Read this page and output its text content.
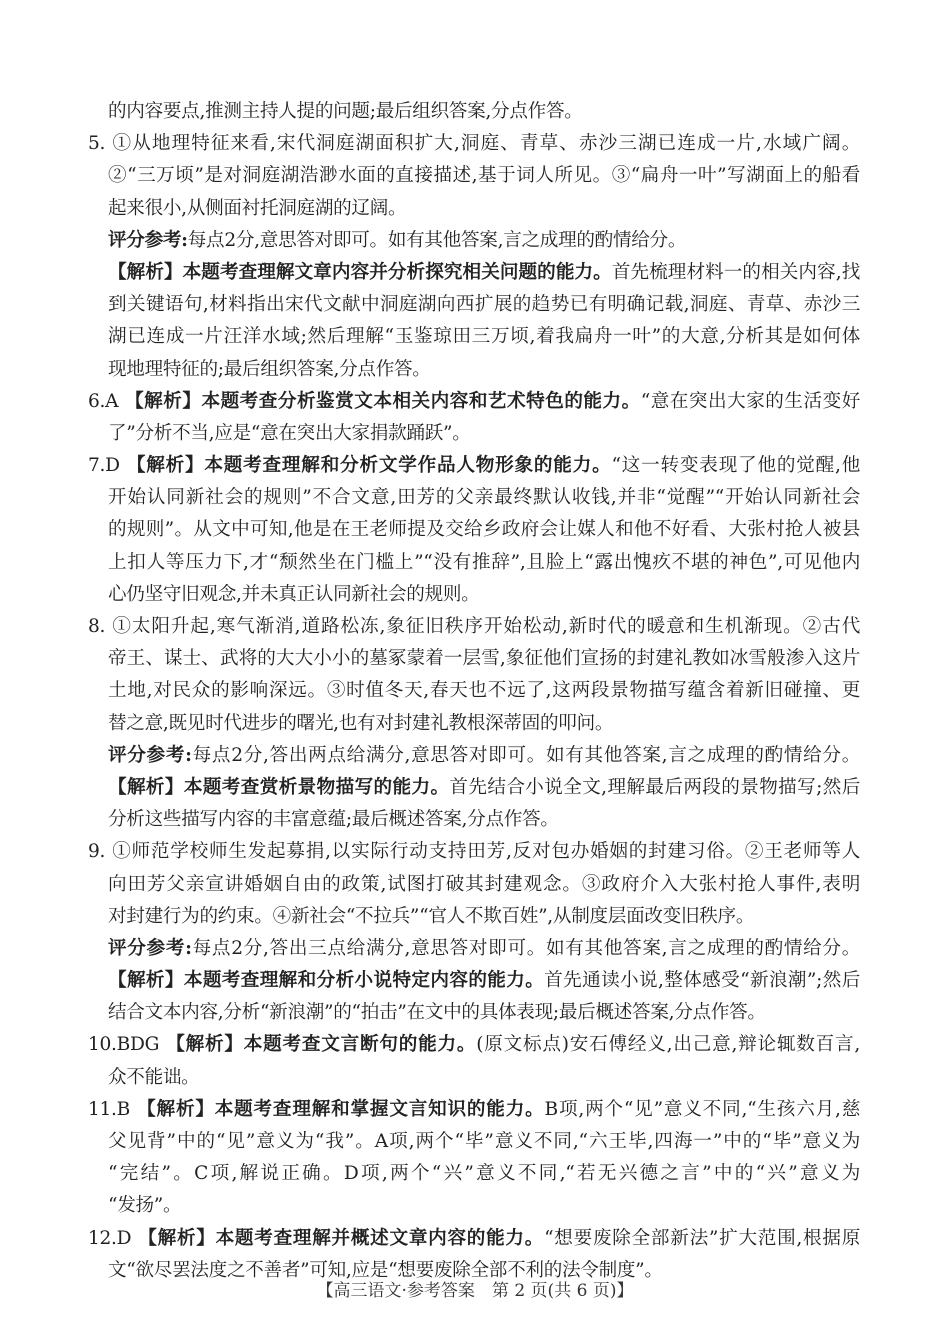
的内容要点,推测主持人提的问题;最后组织答案,分点作答。
5. ①从地理特征来看,宋代洞庭湖面积扩大,洞庭、青草、赤沙三湖已连成一片,水域广阔。
②“三万顷”是对洞庭湖浩渺水面的直接描述,基于词人所见。③“扁舟一叶”写湖面上的船看
起来很小,从侧面衬托洞庭湖的辽阔。
评分参考:每点2分,意思答对即可。如有其他答案,言之成理的酌情给分。
【解析】本题考查理解文章内容并分析探究相关问题的能力。首先梳理材料一的相关内容,找
到关键语句,材料指出宋代文献中洞庭湖向西扩展的趋势已有明确记载,洞庭、青草、赤沙三
湖已连成一片汪洋水域;然后理解“玉鉴琼田三万顷,着我扁舟一叶”的大意,分析其是如何体
现地理特征的;最后组织答案,分点作答。
6.A 【解析】本题考查分析鉴赏文本相关内容和艺术特色的能力。“意在突出大家的生活变好
了”分析不当,应是“意在突出大家捐款踊跃”。
7.D 【解析】本题考查理解和分析文学作品人物形象的能力。“这一转变表现了他的觉醒,他
开始认同新社会的规则”不合文意,田芳的父亲最终默认收钱,并非“觉醒”“开始认同新社会
的规则”。从文中可知,他是在王老师提及交给乡政府会让媒人和他不好看、大张村抢人被县
上扣人等压力下,才“颓然坐在门槛上”“没有推辞”,且脸上“露出愧疚不堪的神色”,可见他内
心仍坚守旧观念,并未真正认同新社会的规则。
8. ①太阳升起,寒气渐消,道路松冻,象征旧秩序开始松动,新时代的暖意和生机渐现。②古代
帝王、谋士、武将的大大小小的墓冢蒙着一层雪,象征他们宣扬的封建礼教如冰雪般渗入这片
土地,对民众的影响深远。③时值冬天,春天也不远了,这两段景物描写蕴含着新旧碰撞、更
替之意,既见时代进步的曙光,也有对封建礼教根深蒂固的叩问。
评分参考:每点2分,答出两点给满分,意思答对即可。如有其他答案,言之成理的酌情给分。
【解析】本题考查赏析景物描写的能力。首先结合小说全文,理解最后两段的景物描写;然后
分析这些描写内容的丰富意蕴;最后概述答案,分点作答。
9. ①师范学校师生发起募捐,以实际行动支持田芳,反对包办婚姻的封建习俗。②王老师等人
向田芳父亲宣讲婚姻自由的政策,试图打破其封建观念。③政府介入大张村抢人事件,表明
对封建行为的约束。④新社会“不拉兵”“官人不欺百姓”,从制度层面改变旧秩序。
评分参考:每点2分,答出三点给满分,意思答对即可。如有其他答案,言之成理的酌情给分。
【解析】本题考查理解和分析小说特定内容的能力。首先通读小说,整体感受“新浪潮”;然后
结合文本内容,分析“新浪潮”的“拍击”在文中的具体表现;最后概述答案,分点作答。
10.BDG 【解析】本题考查文言断句的能力。(原文标点)安石傅经义,出己意,辩论辄数百言,
众不能诎。
11.B 【解析】本题考查理解和掌握文言知识的能力。B项,两个“见”意义不同,“生孩六月,慈
父见背”中的“见”意义为“我”。A项,两个“毕”意义不同,“六王毕,四海一”中的“毕”意义为
“完结”。C项,解说正确。D项,两个“兴”意义不同,“若无兴德之言”中的“兴”意义为
“发扬”。
12.D 【解析】本题考查理解并概述文章内容的能力。“想要废除全部新法”扩大范围,根据原
文“欲尽罢法度之不善者”可知,应是“想要废除全部不利的法令制度”。
【高三语文·参考答案　第 2 页(共 6 页)】
